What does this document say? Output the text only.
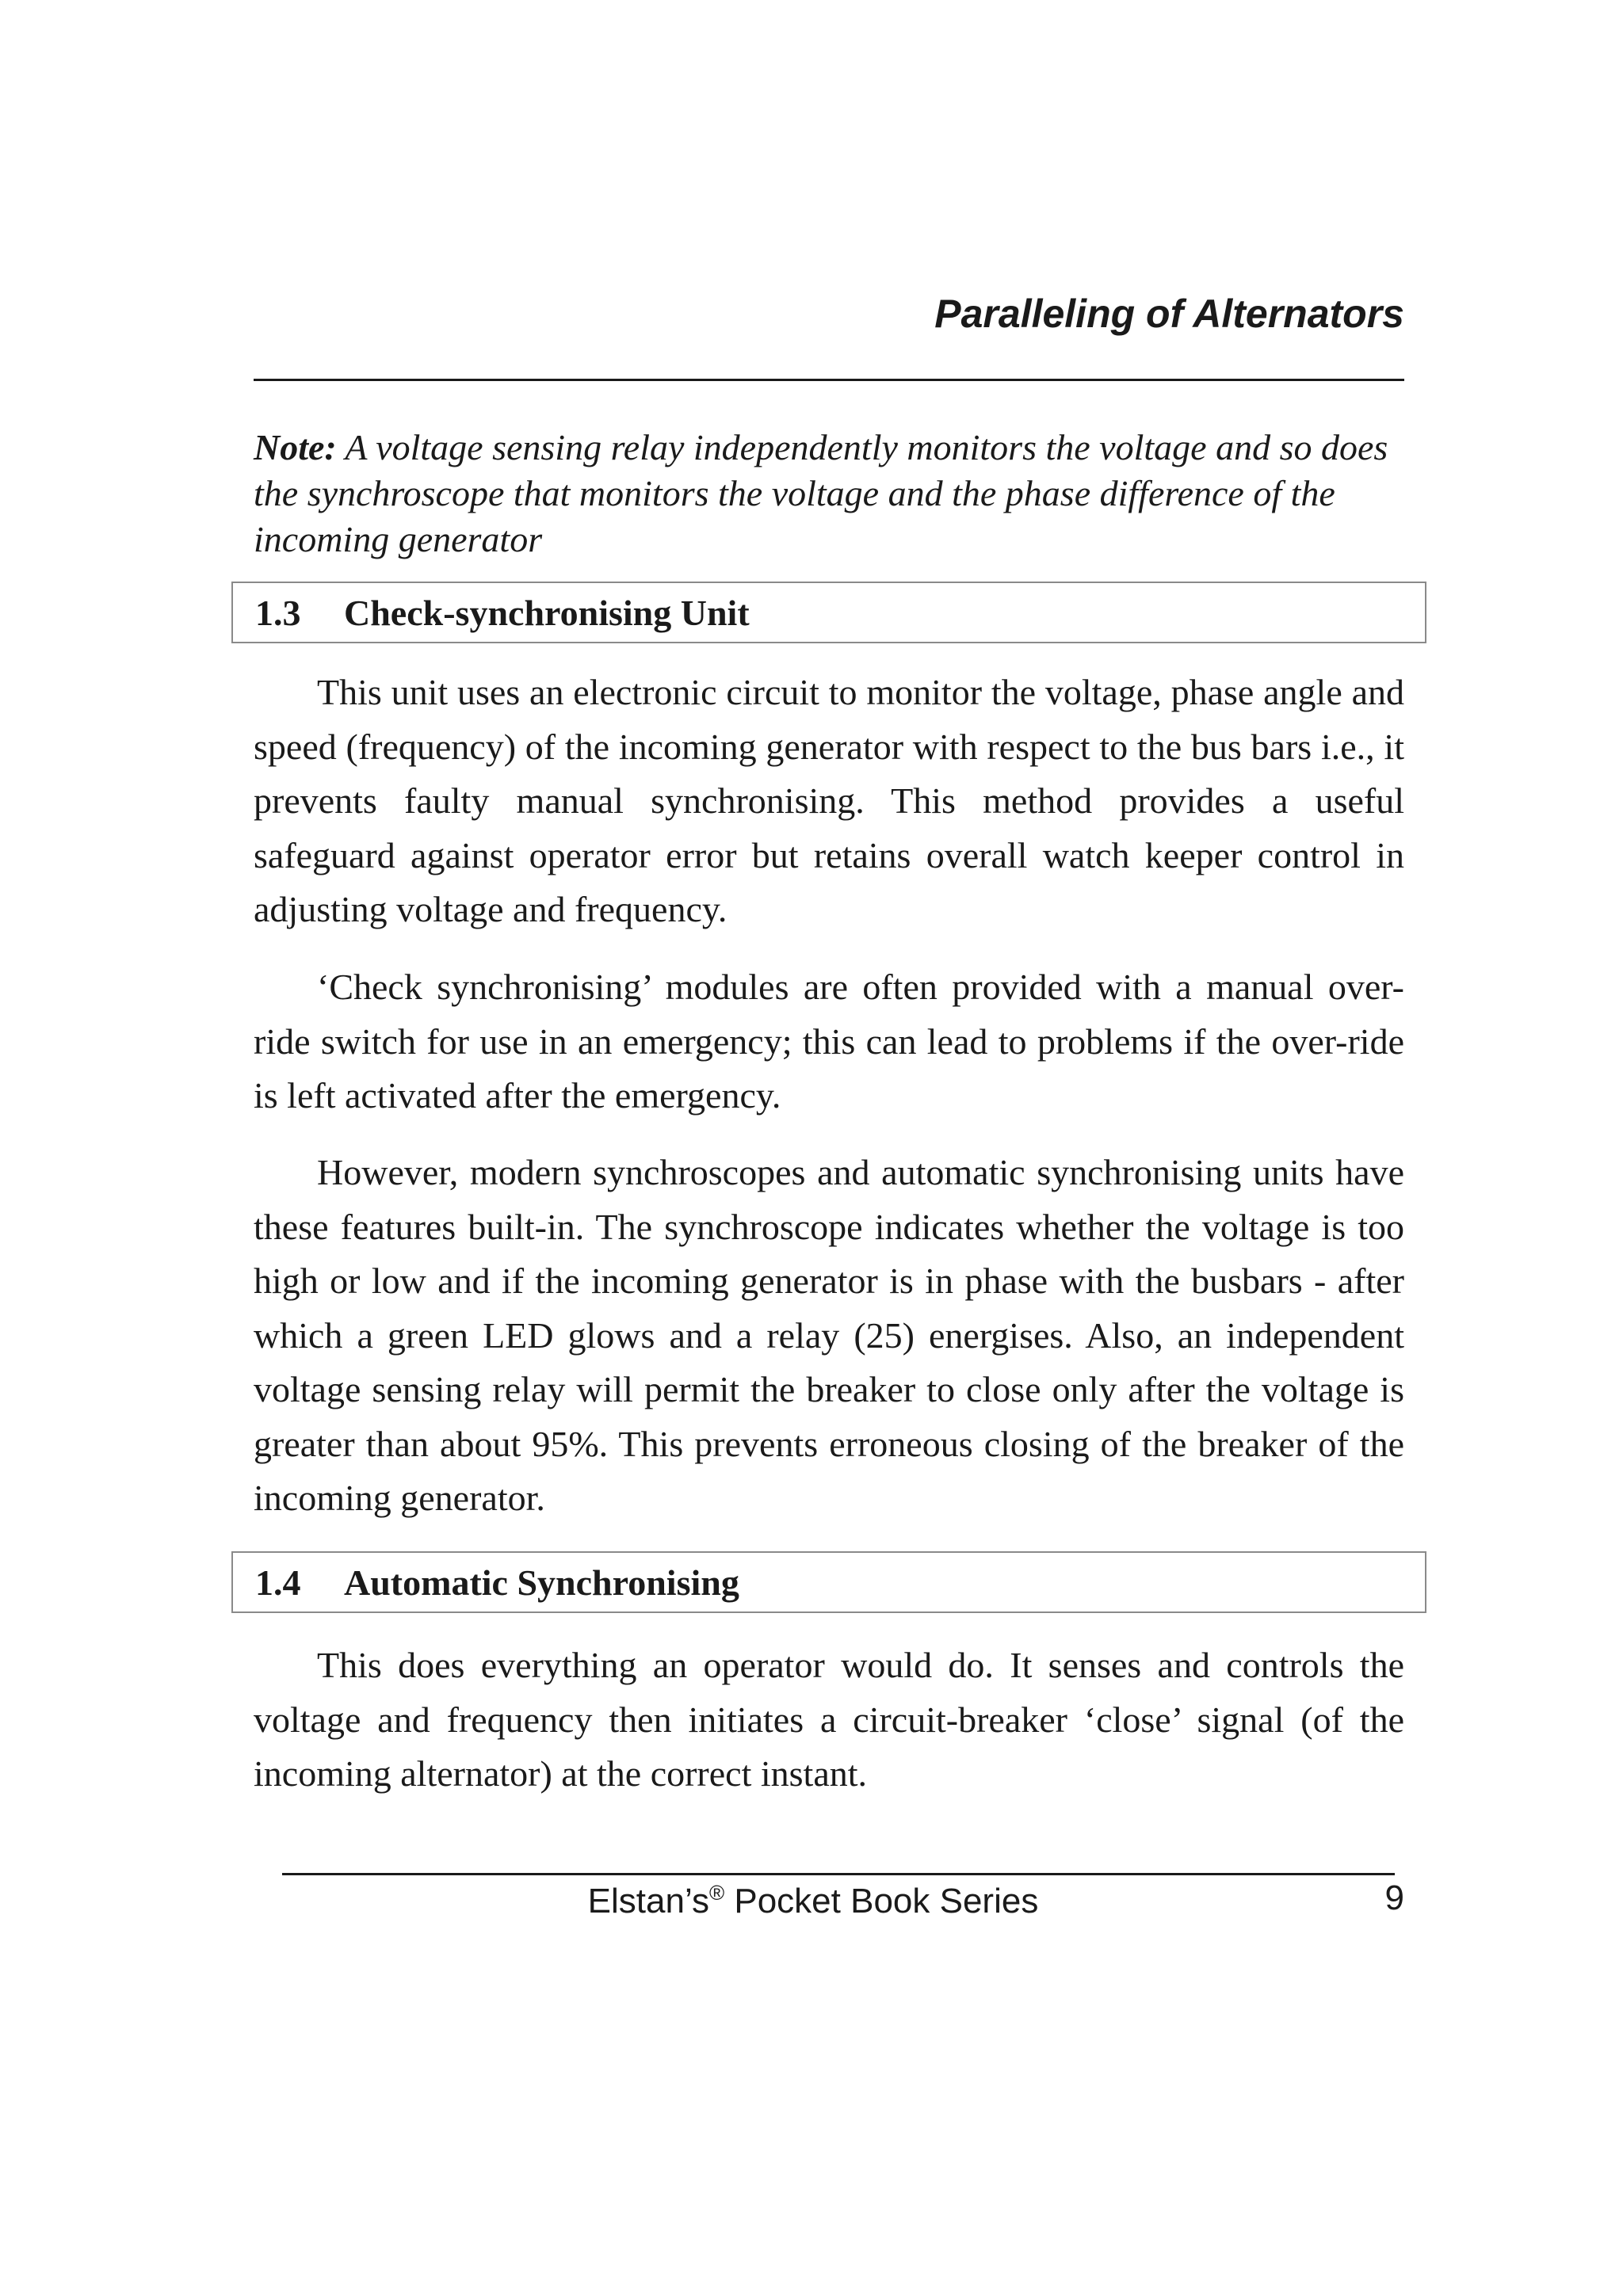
Paralleling of Alternators

Note: A voltage sensing relay independently monitors the voltage and so does the synchroscope that monitors the voltage and the phase difference of the incoming generator

1.3	Check-synchronising Unit

This unit uses an electronic circuit to monitor the voltage, phase angle and speed (frequency) of the incoming generator with respect to the bus bars i.e., it prevents faulty manual synchronising. This method provides a useful safeguard against operator error but retains overall watch keeper control in adjusting voltage and frequency.

‘Check synchronising’ modules are often provided with a manual over-ride switch for use in an emergency; this can lead to problems if the over-ride is left activated after the emergency.

However, modern synchroscopes and automatic synchronising units have these features built-in. The synchroscope indicates whether the voltage is too high or low and if the incoming generator is in phase with the busbars - after which a green LED glows and a relay (25) energises. Also, an independent voltage sensing relay will permit the breaker to close only after the voltage is greater than about 95%. This prevents erroneous closing of the breaker of the incoming generator.

1.4	Automatic Synchronising

This does everything an operator would do. It senses and controls the voltage and frequency then initiates a circuit-breaker ‘close’ signal (of the incoming alternator) at the correct instant.

Elstan’s® Pocket Book Series	9
